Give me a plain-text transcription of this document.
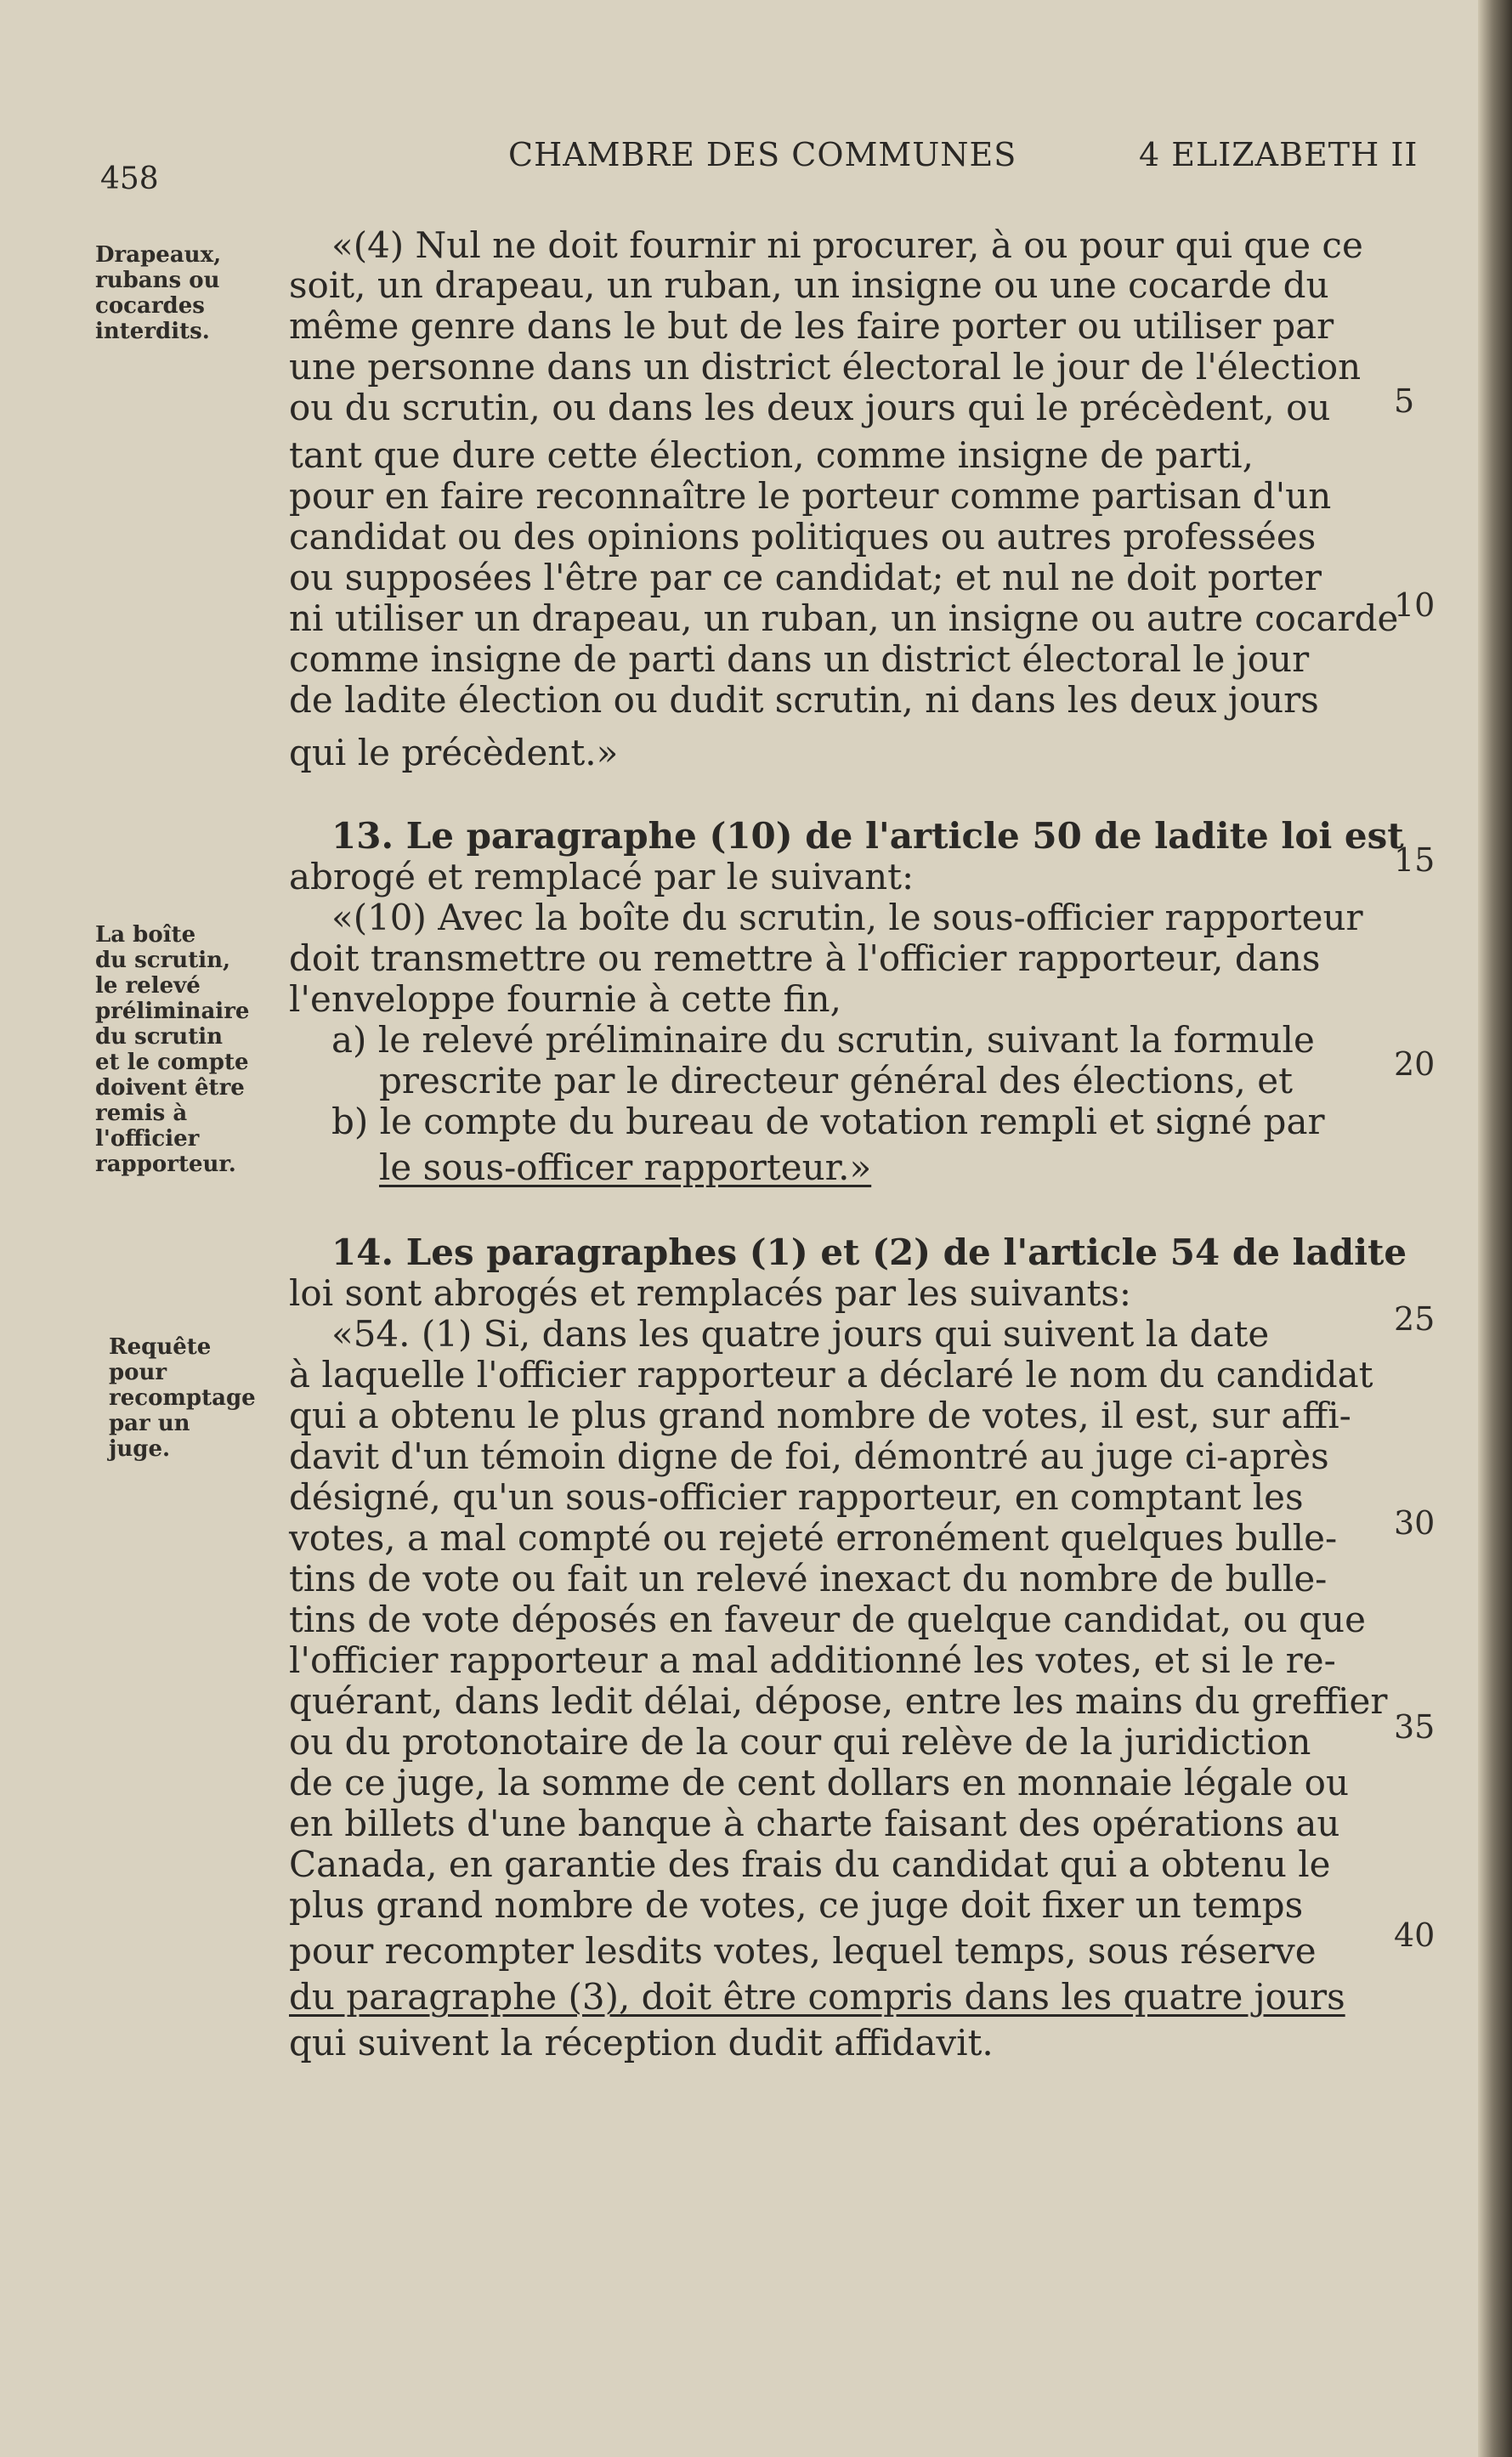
458
CHAMBRE DES COMMUNES	4 ELIZABETH II
Drapeaux,
rubans ou
cocardes
interdits.
La boîte
du scrutin,
le relevé
préliminaire
du scrutin
et le compte
doivent être
remis à
l'officier
rapporteur.
Requête
pour
recomptage
par un
juge.
«(4) Nul ne doit fournir ni procurer, à ou pour qui que ce
soit, un drapeau, un ruban, un insigne ou une cocarde du
même genre dans le but de les faire porter ou utiliser par
une personne dans un district électoral le jour de l'élection
ou du scrutin, ou dans les deux jours qui le précèdent, ou
tant que dure cette élection, comme insigne de parti,
pour en faire reconnaître le porteur comme partisan d'un
candidat ou des opinions politiques ou autres professées
ou supposées l'être par ce candidat; et nul ne doit porter
ni utiliser un drapeau, un ruban, un insigne ou autre cocarde
comme insigne de parti dans un district électoral le jour
de ladite élection ou dudit scrutin, ni dans les deux jours
qui le précèdent.»
13. Le paragraphe (10) de l'article 50 de ladite loi est
abrogé et remplacé par le suivant:
«(10) Avec la boîte du scrutin, le sous-officier rapporteur
doit transmettre ou remettre à l'officier rapporteur, dans
l'enveloppe fournie à cette fin,
a) le relevé préliminaire du scrutin, suivant la formule
prescrite par le directeur général des élections, et
b) le compte du bureau de votation rempli et signé par
le sous-officer rapporteur.»
14. Les paragraphes (1) et (2) de l'article 54 de ladite
loi sont abrogés et remplacés par les suivants:
«54. (1) Si, dans les quatre jours qui suivent la date
à laquelle l'officier rapporteur a déclaré le nom du candidat
qui a obtenu le plus grand nombre de votes, il est, sur affi-
davit d'un témoin digne de foi, démontré au juge ci-après
désigné, qu'un sous-officier rapporteur, en comptant les
votes, a mal compté ou rejeté erronément quelques bulle-
tins de vote ou fait un relevé inexact du nombre de bulle-
tins de vote déposés en faveur de quelque candidat, ou que
l'officier rapporteur a mal additionné les votes, et si le re-
quérant, dans ledit délai, dépose, entre les mains du greffier
ou du protonotaire de la cour qui relève de la juridiction
de ce juge, la somme de cent dollars en monnaie légale ou
en billets d'une banque à charte faisant des opérations au
Canada, en garantie des frais du candidat qui a obtenu le
plus grand nombre de votes, ce juge doit fixer un temps
pour recompter lesdits votes, lequel temps, sous réserve
du paragraphe (3), doit être compris dans les quatre jours
qui suivent la réception dudit affidavit.
5
10
15
20
25
30
35
40
